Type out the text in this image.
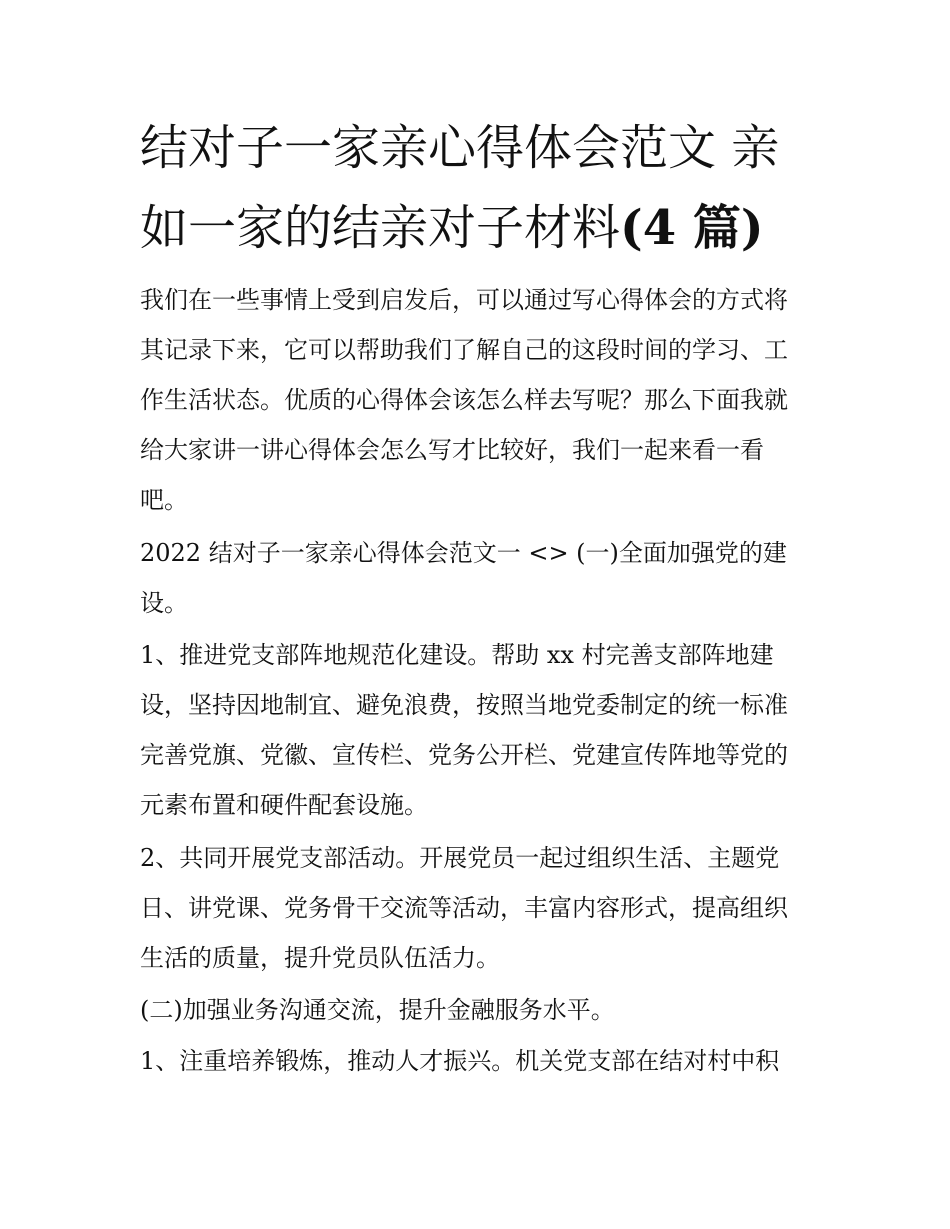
结对子一家亲心得体会范文 亲
如一家的结亲对子材料(4 篇)

我们在一些事情上受到启发后，可以通过写心得体会的方式将

其记录下来，它可以帮助我们了解自己的这段时间的学习、工

作生活状态。优质的心得体会该怎么样去写呢？那么下面我就

给大家讲一讲心得体会怎么写才比较好，我们一起来看一看

吧。

2022 结对子一家亲心得体会范文一 <> (一)全面加强党的建

设。

1、推进党支部阵地规范化建设。帮助 xx 村完善支部阵地建

设，坚持因地制宜、避免浪费，按照当地党委制定的统一标准

完善党旗、党徽、宣传栏、党务公开栏、党建宣传阵地等党的

元素布置和硬件配套设施。

2、共同开展党支部活动。开展党员一起过组织生活、主题党

日、讲党课、党务骨干交流等活动，丰富内容形式，提高组织

生活的质量，提升党员队伍活力。

(二)加强业务沟通交流，提升金融服务水平。

1、注重培养锻炼，推动人才振兴。机关党支部在结对村中积
